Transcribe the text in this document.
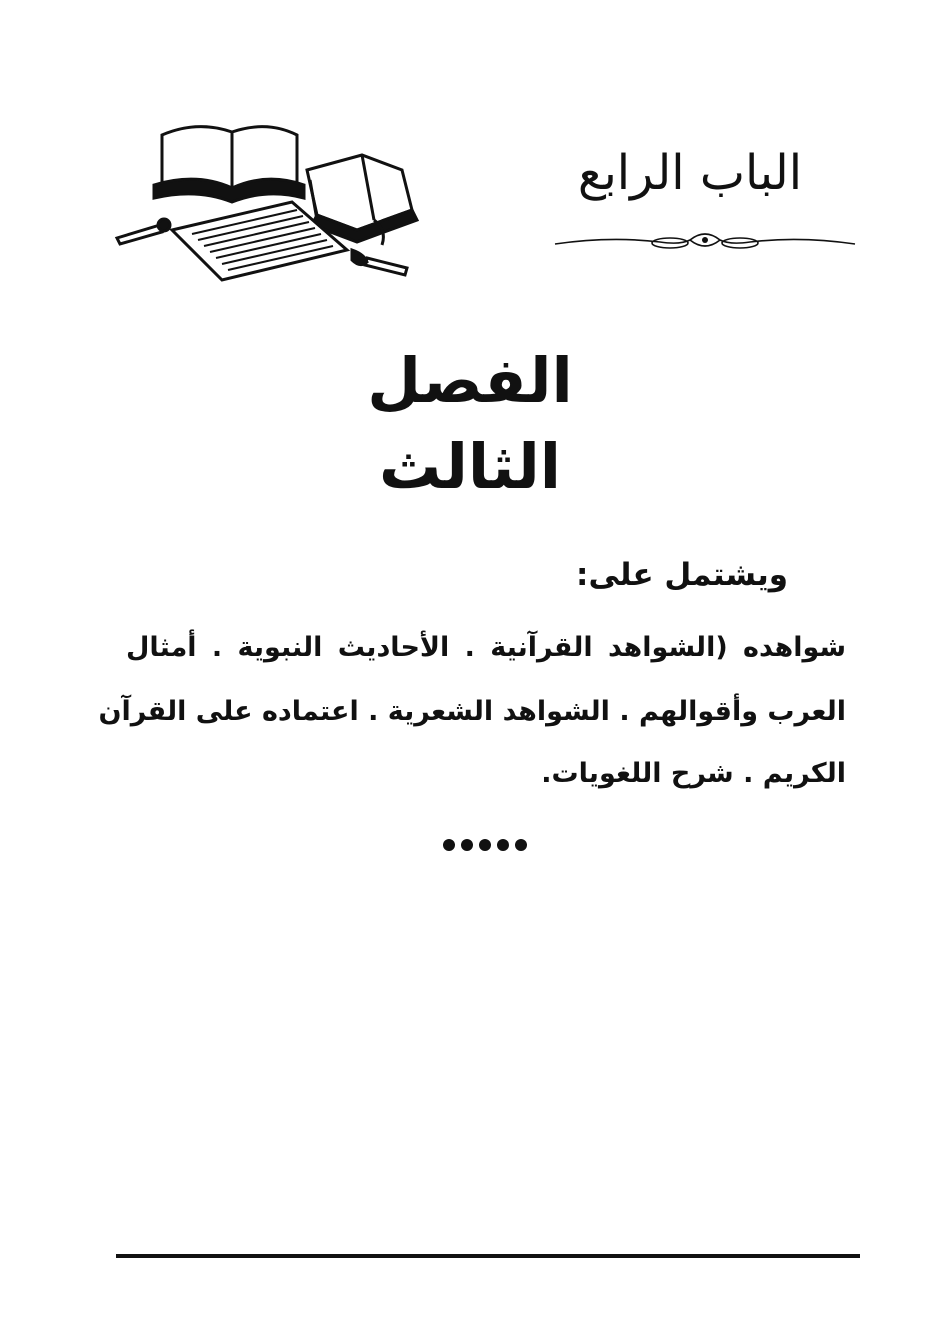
الباب الرابع
الفصل الثالث
ويشتمل على:
شواهده (الشواهد القرآنية . الأحاديث النبوية . أمثال
العرب وأقوالهم . الشواهد الشعرية . اعتماده على القرآن
الكريم . شرح اللغويات.
